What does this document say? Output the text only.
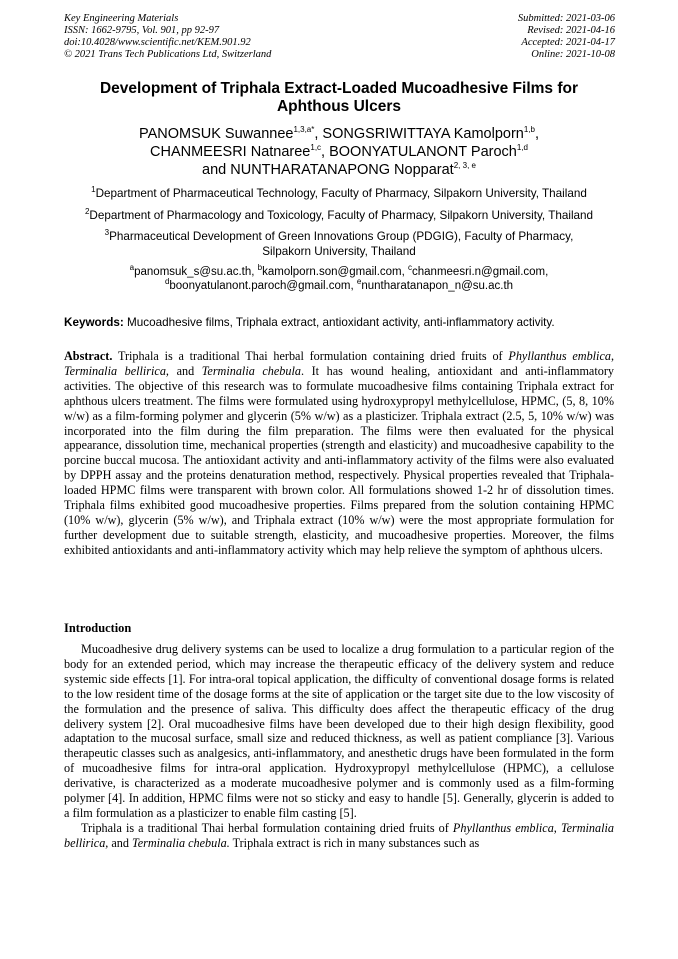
Key Engineering Materials
ISSN: 1662-9795, Vol. 901, pp 92-97
doi:10.4028/www.scientific.net/KEM.901.92
© 2021 Trans Tech Publications Ltd, Switzerland
Submitted: 2021-03-06
Revised: 2021-04-16
Accepted: 2021-04-17
Online: 2021-10-08
Development of Triphala Extract-Loaded Mucoadhesive Films for
Aphthous Ulcers
PANOMSUK Suwannee$^{1,3,a*}$, SONGSRIWITTAYA Kamolporn$^{1,b}$,
CHANMEESRI Natnaree$^{1,c}$, BOONYATULANONT Paroch$^{1,d}$
and NUNTHARATANAPONG Nopparat$^{2, 3, e}$
$^1$Department of Pharmaceutical Technology, Faculty of Pharmacy, Silpakorn University, Thailand
$^2$Department of Pharmacology and Toxicology, Faculty of Pharmacy, Silpakorn University, Thailand
$^3$Pharmaceutical Development of Green Innovations Group (PDGIG), Faculty of Pharmacy,
Silpakorn University, Thailand
$^a$panomsuk_s@su.ac.th, $^b$kamolporn.son@gmail.com, $^c$chanmeesri.n@gmail.com,
$^d$boonyatulanont.paroch@gmail.com, $^e$nuntharatanapon_n@su.ac.th
Keywords: Mucoadhesive films, Triphala extract, antioxidant activity, anti-inflammatory activity.
Abstract. Triphala is a traditional Thai herbal formulation containing dried fruits of Phyllanthus emblica, Terminalia bellirica, and Terminalia chebula. It has wound healing, antioxidant and anti-inflammatory activities. The objective of this research was to formulate mucoadhesive films containing Triphala extract for aphthous ulcers treatment. The films were formulated using hydroxypropyl methylcellulose, HPMC, (5, 8, 10% w/w) as a film-forming polymer and glycerin (5% w/w) as a plasticizer. Triphala extract (2.5, 5, 10% w/w) was incorporated into the film during the film preparation. The films were then evaluated for the physical appearance, dissolution time, mechanical properties (strength and elasticity) and mucoadhesive capability to the porcine buccal mucosa. The antioxidant activity and anti-inflammatory activity of the films were also evaluated by DPPH assay and the proteins denaturation method, respectively. Physical properties revealed that Triphala-loaded HPMC films were transparent with brown color. All formulations showed 1-2 hr of dissolution times. Triphala films exhibited good mucoadhesive properties. Films prepared from the solution containing HPMC (10% w/w), glycerin (5% w/w), and Triphala extract (10% w/w) were the most appropriate formulation for further development due to suitable strength, elasticity, and mucoadhesive properties. Moreover, the films exhibited antioxidants and anti-inflammatory activity which may help relieve the symptom of aphthous ulcers.
Introduction

Mucoadhesive drug delivery systems can be used to localize a drug formulation to a particular region of the body for an extended period, which may increase the therapeutic efficacy of the delivery system and reduce systemic side effects [1]. For intra-oral topical application, the difficulty of conventional dosage forms is related to the low resident time of the dosage forms at the site of application or the target site due to the low viscosity of the formulation and the presence of saliva. This difficulty does affect the therapeutic efficacy of the drug delivery system [2]. Oral mucoadhesive films have been developed due to their high design flexibility, good adaptation to the mucosal surface, small size and reduced thickness, as well as patient compliance [3]. Various therapeutic classes such as analgesics, anti-inflammatory, and anesthetic drugs have been formulated in the form of mucoadhesive films for intra-oral application. Hydroxypropyl methylcellulose (HPMC), a cellulose derivative, is characterized as a moderate mucoadhesive polymer and is commonly used as a film-forming polymer [4]. In addition, HPMC films were not so sticky and easy to handle [5]. Generally, glycerin is added to a film formulation as a plasticizer to enable film casting [5].

Triphala is a traditional Thai herbal formulation containing dried fruits of Phyllanthus emblica, Terminalia bellirica, and Terminalia chebula. Triphala extract is rich in many substances such as
